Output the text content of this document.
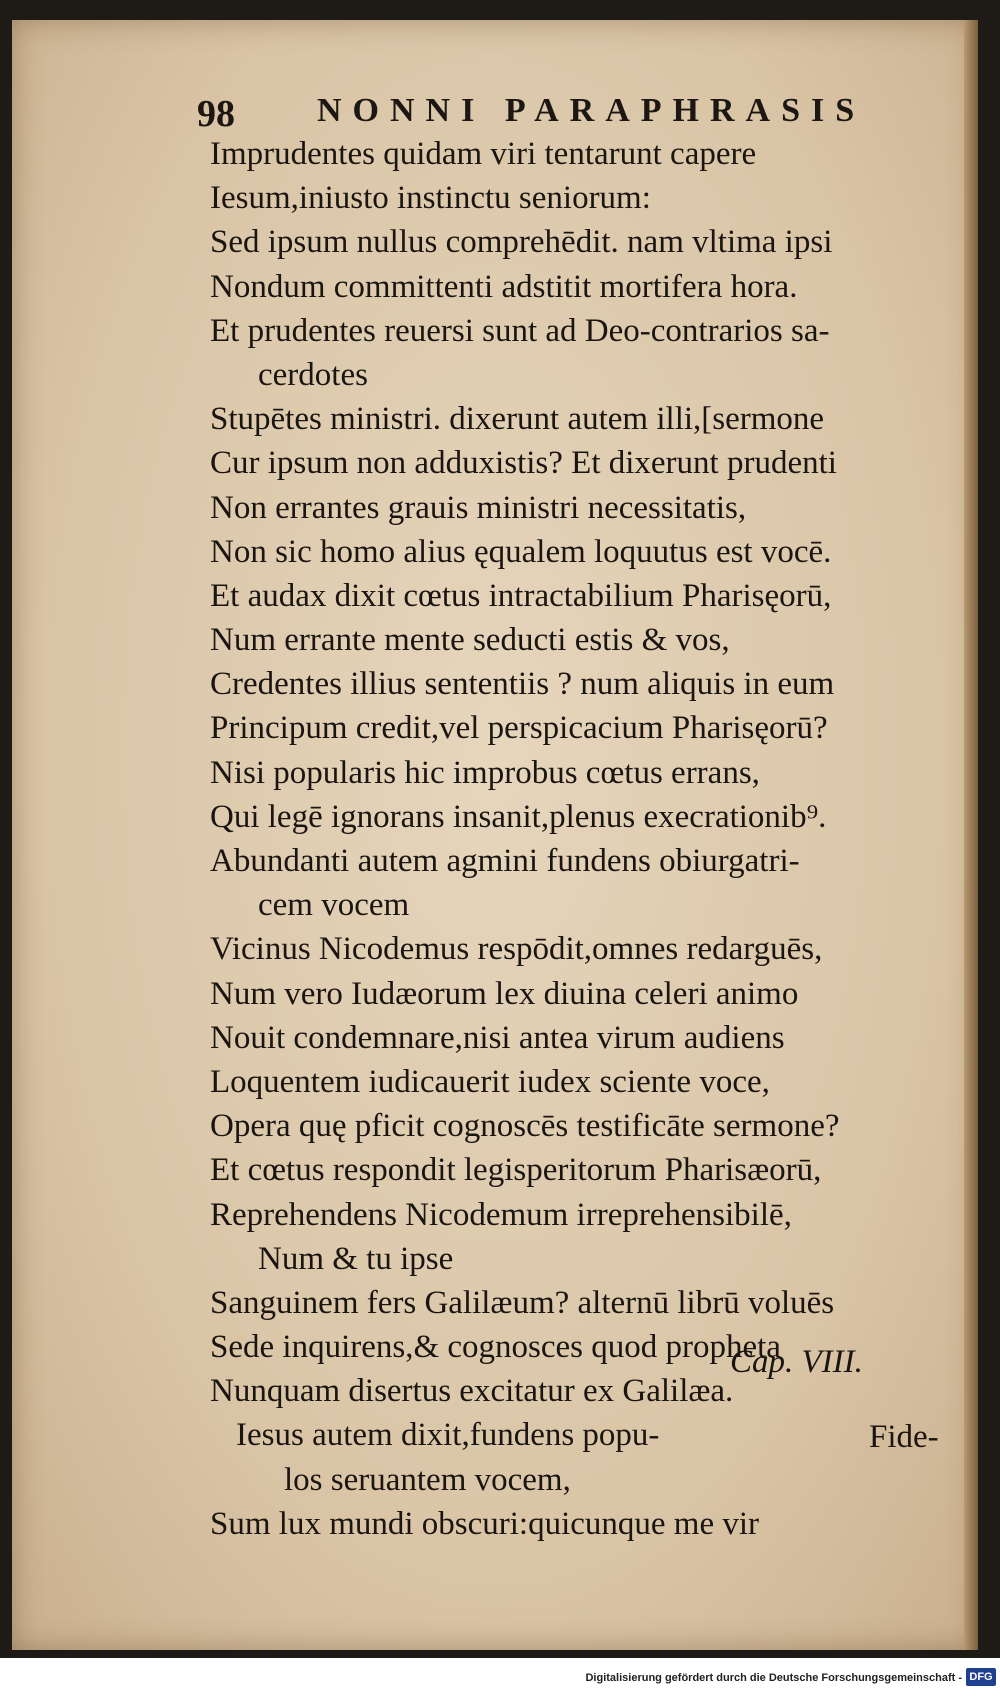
98 NONNI PARAPHRASIS
Imprudentes quidam viri tentarunt capere
Iesum,iniusto instinctu seniorum:
Sed ipsum nullus comprehēdit. nam vltima ipsi
Nondum committenti adstitit mortifera hora.
Et prudentes reuersi sunt ad Deo-contrarios sa-
cerdotes
Stupētes ministri. dixerunt autem illi,[sermone
Cur ipsum non adduxistis? Et dixerunt prudenti
Non errantes grauis ministri necessitatis,
Non sic homo alius ęqualem loquutus est vocē.
Et audax dixit cœtus intractabilium Pharisęorū,
Num errante mente seducti estis & vos,
Credentes illius sententiis ? num aliquis in eum
Principum credit,vel perspicacium Pharisęorū?
Nisi popularis hic improbus cœtus errans,
Qui legē ignorans insanit,plenus execrationib⁹.
Abundanti autem agmini fundens obiurgatri-
cem vocem
Vicinus Nicodemus respōdit,omnes redarguēs,
Num vero Iudæorum lex diuina celeri animo
Nouit condemnare,nisi antea virum audiens
Loquentem iudicauerit iudex sciente voce,
Opera quę pficit cognoscēs testificāte sermone?
Et cœtus respondit legisperitorum Pharisæorū,
Reprehendens Nicodemum irreprehensibilē,
Num & tu ipse
Sanguinem fers Galilæum? alternū librū voluēs
Sede inquirens,& cognosces quod propheta
Nunquam disertus excitatur ex Galilæa.
Iesus autem dixit,fundens popu-
los seruantem vocem,
Sum lux mundi obscuri:quicunque me vir
Cap. VIII.
Fide-
Digitalisierung gefördert durch die Deutsche Forschungsgemeinschaft - DFG
